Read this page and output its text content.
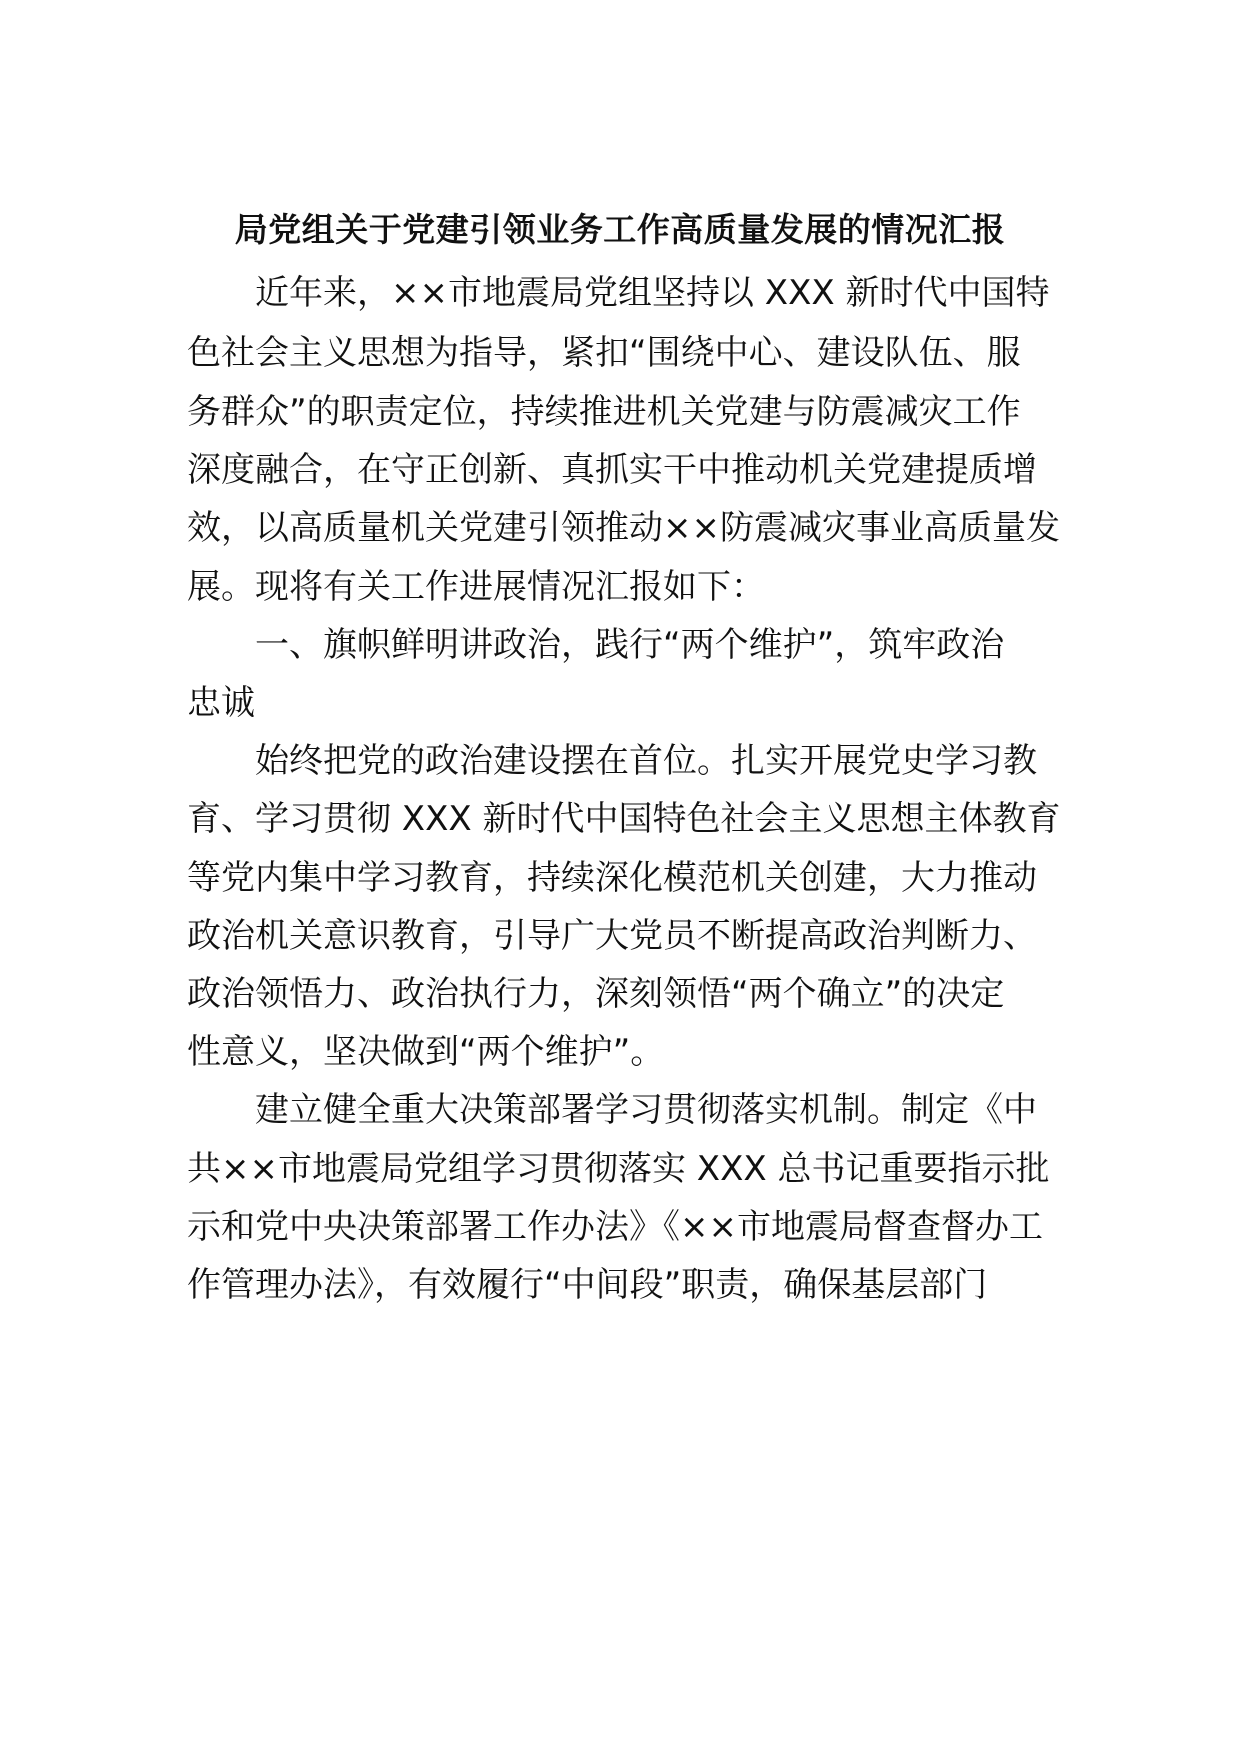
局党组关于党建引领业务工作高质量发展的情况汇报

近年来，××市地震局党组坚持以 XXX 新时代中国特

色社会主义思想为指导，紧扣“围绕中心、建设队伍、服

务群众”的职责定位，持续推进机关党建与防震减灾工作

深度融合，在守正创新、真抓实干中推动机关党建提质增

效，以高质量机关党建引领推动××防震减灾事业高质量发

展。现将有关工作进展情况汇报如下：

一、旗帜鲜明讲政治，践行“两个维护”，筑牢政治

忠诚

始终把党的政治建设摆在首位。扎实开展党史学习教

育、学习贯彻 XXX 新时代中国特色社会主义思想主体教育

等党内集中学习教育，持续深化模范机关创建，大力推动

政治机关意识教育，引导广大党员不断提高政治判断力、

政治领悟力、政治执行力，深刻领悟“两个确立”的决定

性意义，坚决做到“两个维护”。

建立健全重大决策部署学习贯彻落实机制。制定《中

共××市地震局党组学习贯彻落实 XXX 总书记重要指示批

示和党中央决策部署工作办法》《××市地震局督查督办工

作管理办法》，有效履行“中间段”职责，确保基层部门
